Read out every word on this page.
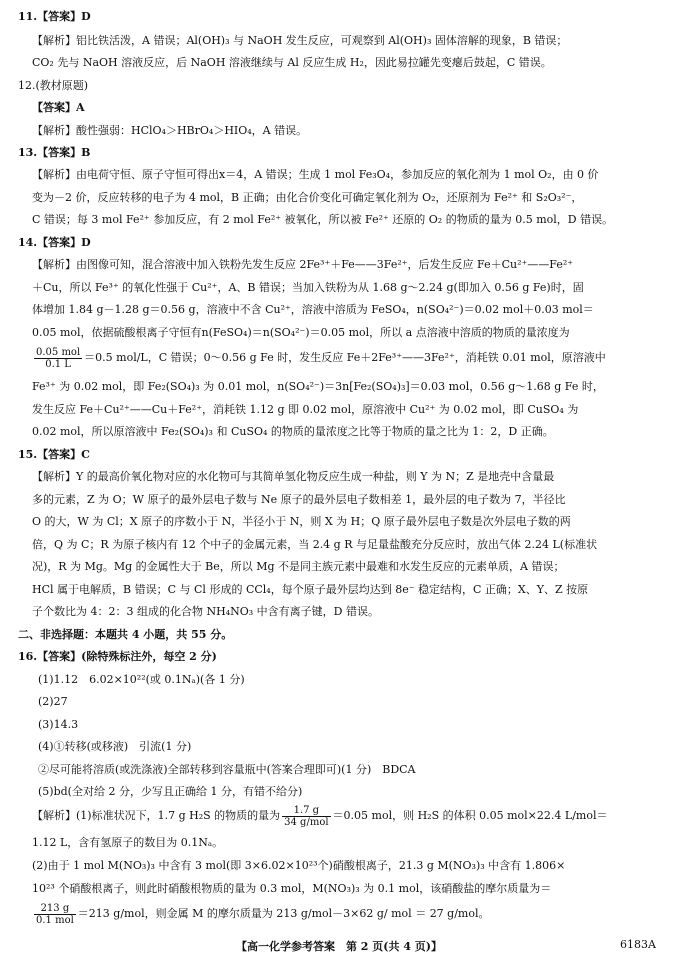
11.【答案】D
【解析】铝比铁活泼，A 错误；Al(OH)₃ 与 NaOH 发生反应，可观察到 Al(OH)₃ 固体溶解的现象，B 错误；
CO₂ 先与 NaOH 溶液反应，后 NaOH 溶液继续与 Al 反应生成 H₂，因此易拉罐先变瘪后鼓起，C 错误。
12.(教材原题)
【答案】A
【解析】酸性强弱：HClO₄＞HBrO₄＞HIO₄，A 错误。
13.【答案】B
【解析】由电荷守恒、原子守恒可得出x＝4，A 错误；生成 1 mol Fe₃O₄，参加反应的氧化剂为 1 mol O₂，由 0 价
变为－2 价，反应转移的电子为 4 mol，B 正确；由化合价变化可确定氧化剂为 O₂，还原剂为 Fe²⁺ 和 S₂O₃²⁻，
C 错误；每 3 mol Fe²⁺ 参加反应，有 2 mol Fe²⁺ 被氧化，所以被 Fe²⁺ 还原的 O₂ 的物质的量为 0.5 mol，D 错误。
14.【答案】D
【解析】由图像可知，混合溶液中加入铁粉先发生反应 2Fe³⁺＋Fe——3Fe²⁺，后发生反应 Fe＋Cu²⁺——Fe²⁺
＋Cu，所以 Fe³⁺ 的氧化性强于 Cu²⁺，A、B 错误；当加入铁粉为从 1.68 g～2.24 g(即加入 0.56 g Fe)时，固
体增加 1.84 g－1.28 g＝0.56 g，溶液中不含 Cu²⁺，溶液中溶质为 FeSO₄，n(SO₄²⁻)＝0.02 mol＋0.03 mol＝
0.05 mol，依据硫酸根离子守恒有n(FeSO₄)＝n(SO₄²⁻)＝0.05 mol，所以 a 点溶液中溶质的物质的量浓度为
$\frac{\text{0.05 mol}}{0.1 L} =0.5$ mol/L，C 错误；0～0.56 g Fe 时，发生反应 Fe＋2Fe³⁺——3Fe²⁺，消耗铁 0.01 mol，原溶液中
Fe³⁺ 为 0.02 mol，即 Fe₂(SO₄)₃ 为 0.01 mol，n(SO₄²⁻)＝3n[Fe₂(SO₄)₃]＝0.03 mol，0.56 g～1.68 g Fe 时，
发生反应 Fe＋Cu²⁺——Cu＋Fe²⁺，消耗铁 1.12 g 即 0.02 mol，原溶液中 Cu²⁺ 为 0.02 mol，即 CuSO₄ 为
0.02 mol，所以原溶液中 Fe₂(SO₄)₃ 和 CuSO₄ 的物质的量浓度之比等于物质的量之比为 1：2，D 正确。
15.【答案】C
【解析】Y 的最高价氧化物对应的水化物可与其简单氢化物反应生成一种盐，则 Y 为 N；Z 是地壳中含量最
多的元素，Z 为 O；W 原子的最外层电子数与 Ne 原子的最外层电子数相差 1，最外层的电子数为 7，半径比
O 的大，W 为 Cl；X 原子的序数小于 N，半径小于 N，则 X 为 H；Q 原子最外层电子数是次外层电子数的两
倍，Q 为 C；R 为原子核内有 12 个中子的金属元素，当 2.4 g R 与足量盐酸充分反应时，放出气体 2.24 L(标准状
况)，R 为 Mg。Mg 的金属性大于 Be，所以 Mg 不是同主族元素中最难和水发生反应的元素单质，A 错误；
HCl 属于电解质，B 错误；C 与 Cl 形成的 CCl₄，每个原子最外层均达到 8e⁻ 稳定结构，C 正确；X、Y、Z 按原
子个数比为 4：2：3 组成的化合物 NH₄NO₃ 中含有离子键，D 错误。
二、非选择题：本题共 4 小题，共 55 分。
16.【答案】(除特殊标注外，每空 2 分)
(1)1.12　6.02×10²²(或 0.1Nₐ)(各 1 分)
(2)27
(3)14.3
(4)①转移(或移液)　引流(1 分)
②尽可能将溶质(或洗涤液)全部转移到容量瓶中(答案合理即可)(1 分)　BDCA
(5)bd(全对给 2 分，少写且正确给 1 分，有错不给分)
【解析】(1)标准状况下，1.7 g H₂S 的物质的量为 $\frac{1.7 g}{\text{34 g/mol}} =0.05$ mol，则 H₂S 的体积 0.05 mol×22.4 L/mol＝
1.12 L，含有氢原子的数目为 0.1Nₐ。
(2)由于 1 mol M(NO₃)₃ 中含有 3 mol(即 3×6.02×10²³个)硝酸根离子，21.3 g M(NO₃)₃ 中含有 1.806×
10²³ 个硝酸根离子，则此时硝酸根物质的量为 0.3 mol，M(NO₃)₃ 为 0.1 mol，该硝酸盐的摩尔质量为＝
$\frac{213 g}{\text{0.1 mol}} =213$ g/mol，则金属 M 的摩尔质量为 213 g/mol－3×62 g/ mol ＝ 27 g/mol。
【高一化学参考答案　第 2 页(共 4 页)】	6183A
